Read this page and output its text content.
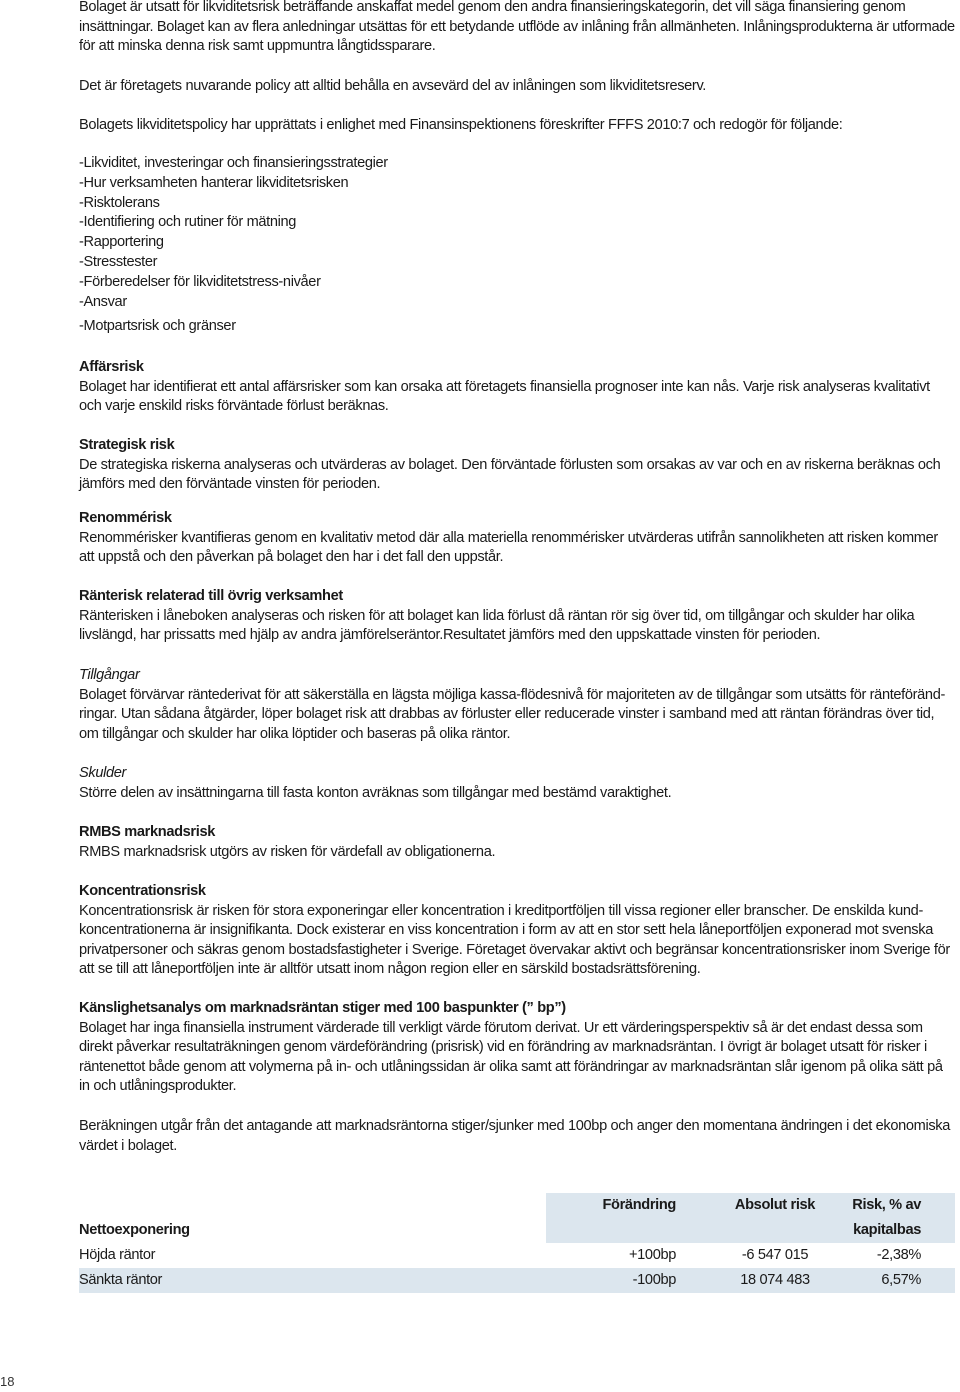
Bolaget är utsatt för likviditetsrisk beträffande anskaffat medel genom den andra finansieringskategorin, det vill säga finansiering genom insättningar. Bolaget kan av flera anledningar utsättas för ett betydande utflöde av inlåning från allmänheten. Inlåningsprodukterna är utformade för att minska denna risk samt uppmuntra långtidssparare.

Det är företagets nuvarande policy att alltid behålla en avsevärd del av inlåningen som likviditetsreserv.

Bolagets likviditetspolicy har upprättats i enlighet med Finansinspektionens föreskrifter FFFS 2010:7 och redogör för följande:

-Likviditet, investeringar och finansieringsstrategier
-Hur verksamheten hanterar likviditetsrisken
-Risktolerans
-Identifiering och rutiner för mätning
-Rapportering
-Stresstester
-Förberedelser för likviditetstress-nivåer
-Ansvar

-Motpartsrisk och gränser

Affärsrisk
Bolaget har identifierat ett antal affärsrisker som kan orsaka att företagets finansiella prognoser inte kan nås. Varje risk analyseras kvalitativt och varje enskild risks förväntade förlust beräknas.
Strategisk risk
De strategiska riskerna analyseras och utvärderas av bolaget. Den förväntade förlusten som orsakas av var och en av riskerna beräknas och jämförs med den förväntade vinsten för perioden.
Renommérisk
Renommérisker kvantifieras genom en kvalitativ metod där alla materiella renommérisker utvärderas utifrån sannolikheten att risken kommer att uppstå och den påverkan på bolaget den har i det fall den uppstår.
Ränterisk relaterad till övrig verksamhet
Ränterisken i låneboken analyseras och risken för att bolaget kan lida förlust då räntan rör sig över tid, om tillgångar och skulder har olika livslängd, har prissatts med hjälp av andra jämförelseräntor.Resultatet jämförs med den uppskattade vinsten för perioden.
Tillgångar
Bolaget förvärvar räntederivat för att säkerställa en lägsta möjliga kassa-flödesnivå för majoriteten av de tillgångar som utsätts för ränteföränd-ringar. Utan sådana åtgärder, löper bolaget risk att drabbas av förluster eller reducerade vinster i samband med att räntan förändras över tid, om tillgångar och skulder har olika löptider och baseras på olika räntor.
Skulder
Större delen av insättningarna till fasta konton avräknas som tillgångar med bestämd varaktighet.
RMBS marknadsrisk
RMBS marknadsrisk utgörs av risken för värdefall av obligationerna.
Koncentrationsrisk
Koncentrationsrisk är risken för stora exponeringar eller koncentration i kreditportföljen till vissa regioner eller branscher. De enskilda kund-koncentrationerna är insignifikanta. Dock existerar en viss koncentration i form av att en stor sett hela låneportföljen exponerad mot svenska privatpersoner och säkras genom bostadsfastigheter i Sverige. Företaget övervakar aktivt och begränsar koncentrationsrisker inom Sverige för att se till att låneportföljen inte är alltför utsatt inom någon region eller en särskild bostadsrättsförening.
Känslighetsanalys om marknadsräntan stiger med 100 baspunkter (” bp”)
Bolaget har inga finansiella instrument värderade till verkligt värde förutom derivat. Ur ett värderingsperspektiv så är det endast dessa som direkt påverkar resultaträkningen genom värdeförändring (prisrisk) vid en förändring av marknadsräntan. I övrigt är bolaget utsatt för risker i räntenettot både genom att volymerna på in- och utlåningssidan är olika samt att förändringar av marknadsräntan slår igenom på olika sätt på in och utlåningsprodukter.

Beräkningen utgår från det antagande att marknadsräntorna stiger/sjunker med 100bp och anger den momentana ändringen i det ekonomiska värdet i bolaget.

	Förändring	Absolut risk	Risk, % av
Nettoexponering			kapitalbas
Höjda räntor	+100bp	-6 547 015	-2,38%
Sänkta räntor	-100bp	18 074 483	6,57%
18
